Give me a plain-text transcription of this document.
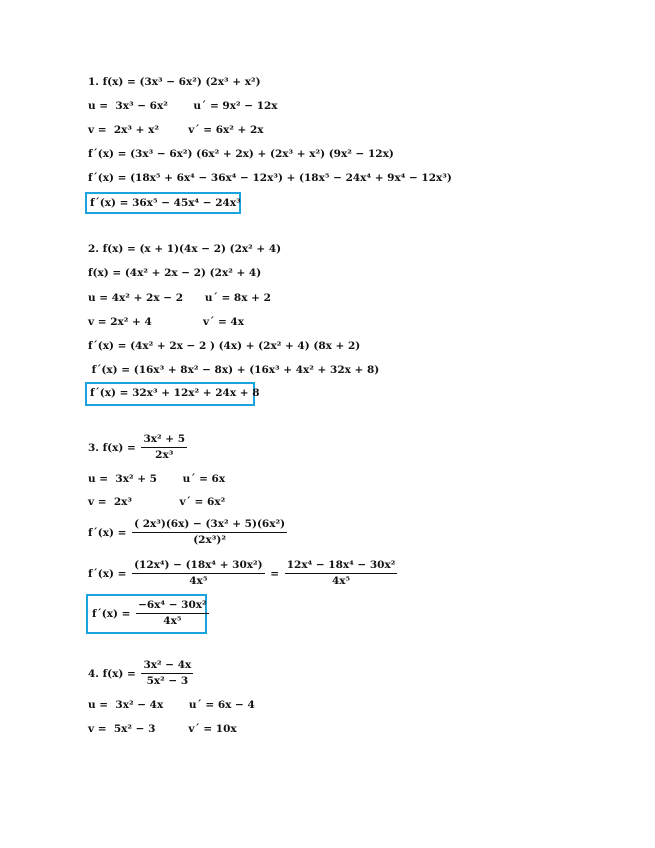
1. f(x) = (3x³ − 6x²) (2x³ + x²)
u =  3x³ − 6x²       u´ = 9x² − 12x
v =  2x³ + x²        v´ = 6x² + 2x
f´(x) = (3x³ − 6x²) (6x² + 2x) + (2x³ + x²) (9x² − 12x)
f´(x) = (18x⁵ + 6x⁴ − 36x⁴ − 12x³) + (18x⁵ − 24x⁴ + 9x⁴ − 12x³)
f´(x) = 36x⁵ − 45x⁴ − 24x³
2. f(x) = (x + 1)(4x − 2) (2x² + 4)
f(x) = (4x² + 2x − 2) (2x² + 4)
u = 4x² + 2x − 2      u´ = 8x + 2
v = 2x² + 4              v´ = 4x
f´(x) = (4x² + 2x − 2 ) (4x) + (2x² + 4) (8x + 2)
f´(x) = (16x³ + 8x² − 8x) + (16x³ + 4x² + 32x + 8)
f´(x) = 32x³ + 12x² + 24x + 8
3. $f(x) = \frac{\text{3x² + 5}}{\text{2x³}}$
u =  3x² + 5       u´ = 6x
v =  2x³             v´ = 6x²
f´(x) = $\frac{\text{( 2x³)(6x) − (3x² + 5)(6x²)}}{\text{(2x³)²}}$
f´(x) = $\frac{\text{(12x⁴) − (18x⁴ + 30x²)}}{\text{4x⁵}} = \frac{\text{12x⁴ − 18x⁴ − 30x²}}{\text{4x⁵}}$
f´(x) = $\frac{\text{−6x⁴ − 30x²}}{\text{4x⁵}}$
4. $f(x) = \frac{\text{3x² − 4x}}{\text{5x² − 3}}$
u =  3x² − 4x       u´ = 6x − 4
v =  5x² − 3         v´ = 10x
